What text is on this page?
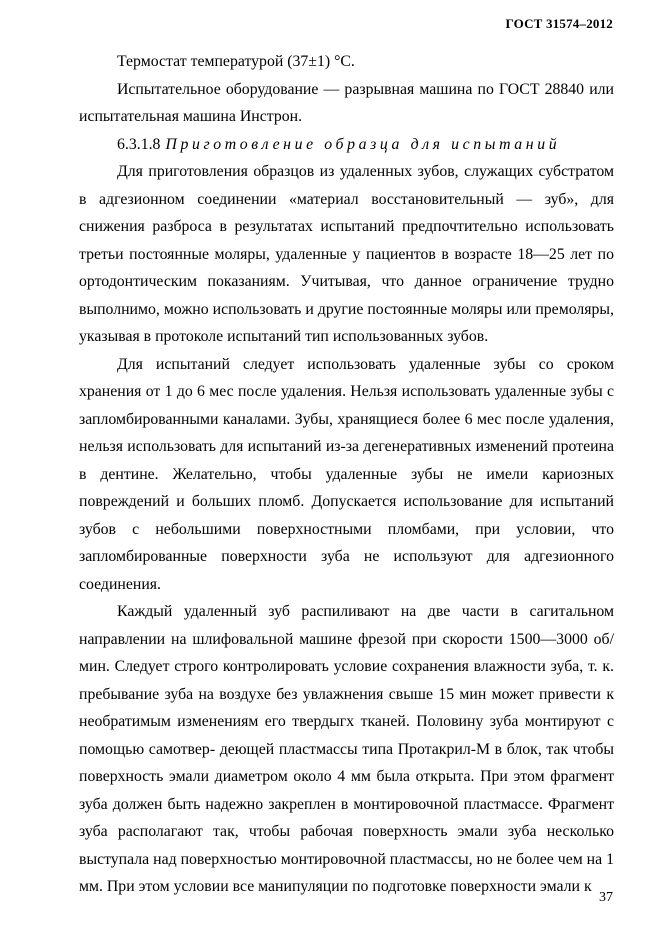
ГОСТ 31574–2012

Термостат температурой (37±1) °С.

Испытательное оборудование — разрывная машина по ГОСТ 28840 или испытательная машина Инстрон.

6.3.1.8 Приготовление образца для испытаний

Для приготовления образцов из удаленных зубов, служащих субстратом в адгезионном соединении «материал восстановительный — зуб», для снижения разброса в результатах испытаний предпочтительно использовать третьи постоянные моляры, удаленные у пациентов в возрасте 18—25 лет по ортодонтическим показаниям. Учитывая, что данное ограничение трудно выполнимо, можно использовать и другие постоянные моляры или премоляры, указывая в протоколе испытаний тип использованных зубов.

Для испытаний следует использовать удаленные зубы со сроком хранения от 1 до 6 мес после удаления. Нельзя использовать удаленные зубы с запломбированными каналами. Зубы, хранящиеся более 6 мес после удаления, нельзя использовать для испытаний из-за дегенеративных изменений протеина в дентине. Желательно, чтобы удаленные зубы не имели кариозных повреждений и больших пломб. Допускается использование для испытаний зубов с небольшими поверхностными пломбами, при условии, что запломбированные поверхности зуба не используют для адгезионного соединения.

Каждый удаленный зуб распиливают на две части в сагитальном направлении на шлифовальной машине фрезой при скорости 1500—3000 об/мин. Следует строго контролировать условие сохранения влажности зуба, т. к. пребывание зуба на воздухе без увлажнения свыше 15 мин может привести к необратимым изменениям его твердыгх тканей. Половину зуба монтируют с помощью самотвер- деющей пластмассы типа Протакрил-М в блок, так чтобы поверхность эмали диаметром около 4 мм была открыта. При этом фрагмент зуба должен быть надежно закреплен в монтировочной пластмассе. Фрагмент зуба располагают так, чтобы рабочая поверхность эмали зуба несколько выступала над поверхностью монтировочной пластмассы, но не более чем на 1 мм. При этом условии все манипуляции по подготовке поверхности эмали к

37
